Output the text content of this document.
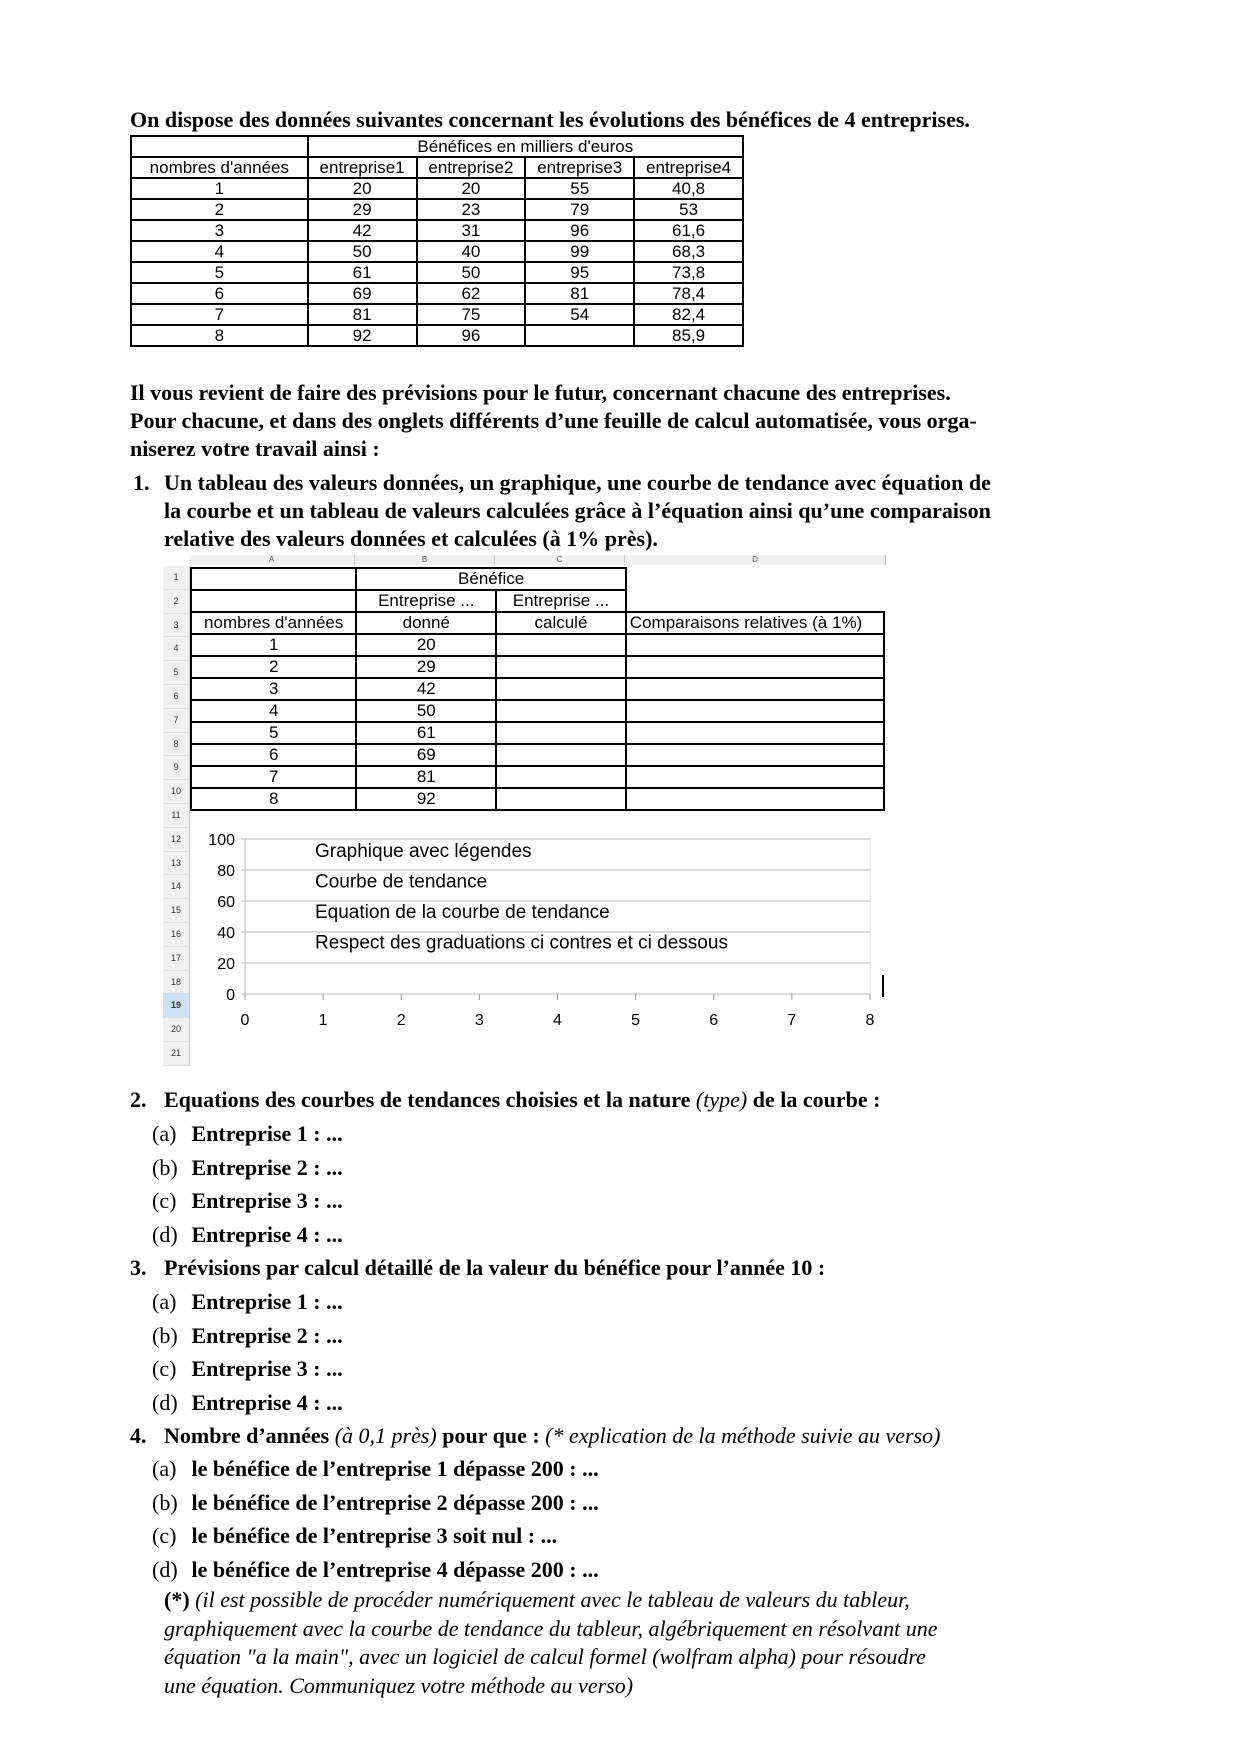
On dispose des données suivantes concernant les évolutions des bénéfices de 4 entreprises.
	Bénéfices en milliers d'euros			
nombres d'années	entreprise1	entreprise2	entreprise3	entreprise4
1	20	20	55	40,8
2	29	23	79	53
3	42	31	96	61,6
4	50	40	99	68,3
5	61	50	95	73,8
6	69	62	81	78,4
7	81	75	54	82,4
8	92	96		85,9
Il vous revient de faire des prévisions pour le futur, concernant chacune des entreprises.
Pour chacune, et dans des onglets différents d’une feuille de calcul automatisée, vous orga-
niserez votre travail ainsi :
1. Un tableau des valeurs données, un graphique, une courbe de tendance avec équation de
la courbe et un tableau de valeurs calculées grâce à l’équation ainsi qu’une comparaison
relative des valeurs données et calculées (à 1% près).
A	B	C	D
1
2
3
4
5
6
7
8
9
10
11
12
13
14
15
16
17
18
19
20
21
	Bénéfice		
	Entreprise ...	Entreprise ...	
nombres d'années	donné	calculé	Comparaisons relatives (à 1%)
1	20		
2	29		
3	42		
4	50		
5	61		
6	69		
7	81		
8	92		
0
20
40
60
80
100
0	1	2	3	4	5	6	7	8
Graphique avec légendes
Courbe de tendance
Equation de la courbe de tendance
Respect des graduations ci contres et ci dessous
2. Equations des courbes de tendances choisies et la nature (type) de la courbe :
(a) Entreprise 1 : ...
(b) Entreprise 2 : ...
(c) Entreprise 3 : ...
(d) Entreprise 4 : ...
3. Prévisions par calcul détaillé de la valeur du bénéfice pour l’année 10 :
(a) Entreprise 1 : ...
(b) Entreprise 2 : ...
(c) Entreprise 3 : ...
(d) Entreprise 4 : ...
4. Nombre d’années (à 0,1 près) pour que : (* explication de la méthode suivie au verso)
(a) le bénéfice de l’entreprise 1 dépasse 200 : ...
(b) le bénéfice de l’entreprise 2 dépasse 200 : ...
(c) le bénéfice de l’entreprise 3 soit nul : ...
(d) le bénéfice de l’entreprise 4 dépasse 200 : ...
(*) (il est possible de procéder numériquement avec le tableau de valeurs du tableur,
graphiquement avec la courbe de tendance du tableur, algébriquement en résolvant une
équation "a la main", avec un logiciel de calcul formel (wolfram alpha) pour résoudre
une équation. Communiquez votre méthode au verso)
